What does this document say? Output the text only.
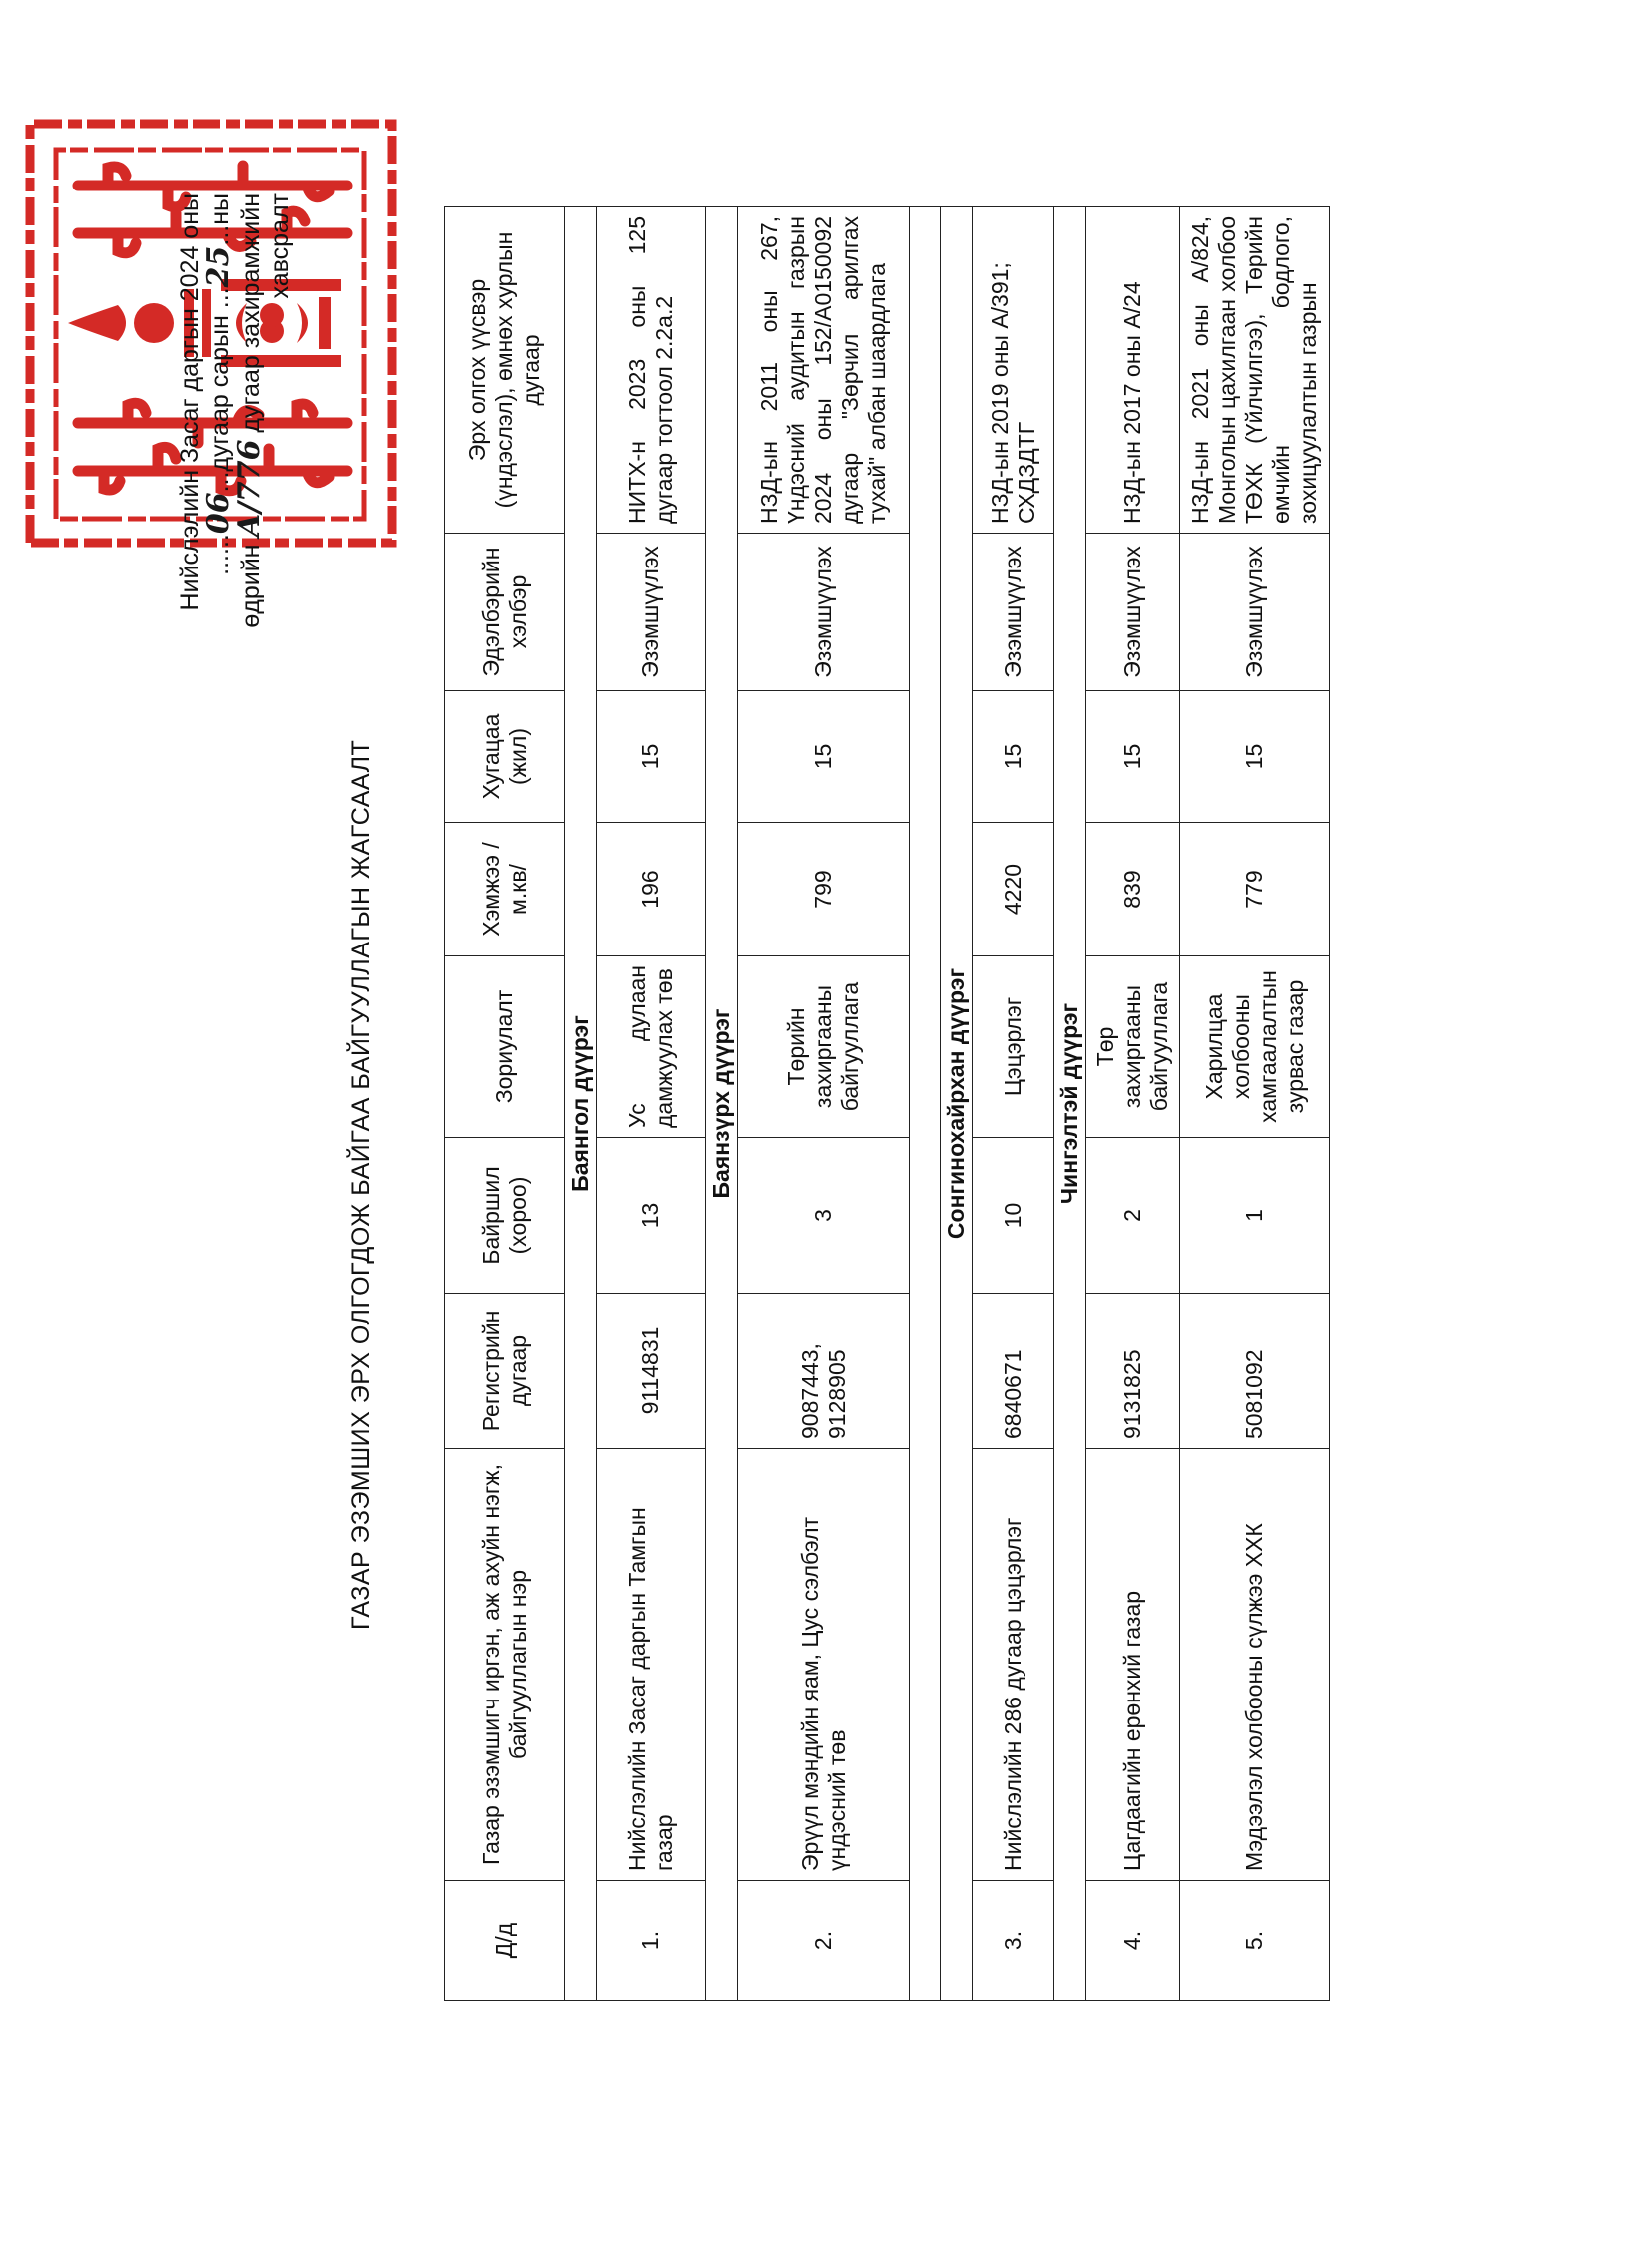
ГАЗАР ЭЗЭМШИХ ЭРХ ОЛГОГДОЖ БАЙГАА БАЙГУУЛЛАГЫН ЖАГСААЛТ
Нийслэлийн Засаг даргын 2024 оны ......06...дугаар сарын ...25...ны
өдрийн А/776 дугаар захирамжийн хавсралт
Д/д	Газар эзэмшигч иргэн, аж ахуйн нэгж, байгууллагын нэр	Регистрийн дугаар	Байршил (хороо)	Зориулалт	Хэмжээ /м.кв/	Хугацаа (жил)	Эдэлбэрийн хэлбэр	Эрх олгох үүсвэр (үндэслэл), өмнөх хурлын дугаар
Баянгол дүүрэг								
1.	Нийслэлийн Засаг даргын Тамгын газар	9114831	13	Ус дулаан дамжуулах төв	196	15	Эзэмшүүлэх	НИТХ-н 2023 оны 125 дугаар тогтоол 2.2а.2
Баянзүрх дүүрэг								
2.	Эрүүл мэндийн яам, Цус сэлбэлт үндэсний төв	9087443, 9128905	3	Төрийн захиргааны байгууллага	799	15	Эзэмшүүлэх	НЗД-ын 2011 оны 267, Үндэсний аудитын газрын 2024 оны 152/А0150092 дугаар "Зөрчил арилгах тухай" албан шаардлага

Сонгинохайрхан дүүрэг								
3.	Нийслэлийн 286 дугаар цэцэрлэг	6840671	10	Цэцэрлэг	4220	15	Эзэмшүүлэх	НЗД-ын 2019 оны А/391; СХДЗДТГ
Чингэлтэй дүүрэг								
4.	Цагдаагийн ерөнхий газар	9131825	2	Төр захиргааны байгууллага	839	15	Эзэмшүүлэх	НЗД-ын 2017 оны А/24
5.	Мэдээлэл холбооны сүлжээ ХХК	5081092	1	Харилцаа холбооны хамгаалалтын зурвас газар	779	15	Эзэмшүүлэх	НЗД-ын 2021 оны А/824, Монголын цахилгаан холбоо ТӨХК (Үйлчилгээ), Төрийн өмчийн бодлого, зохицуулалтын газрын
